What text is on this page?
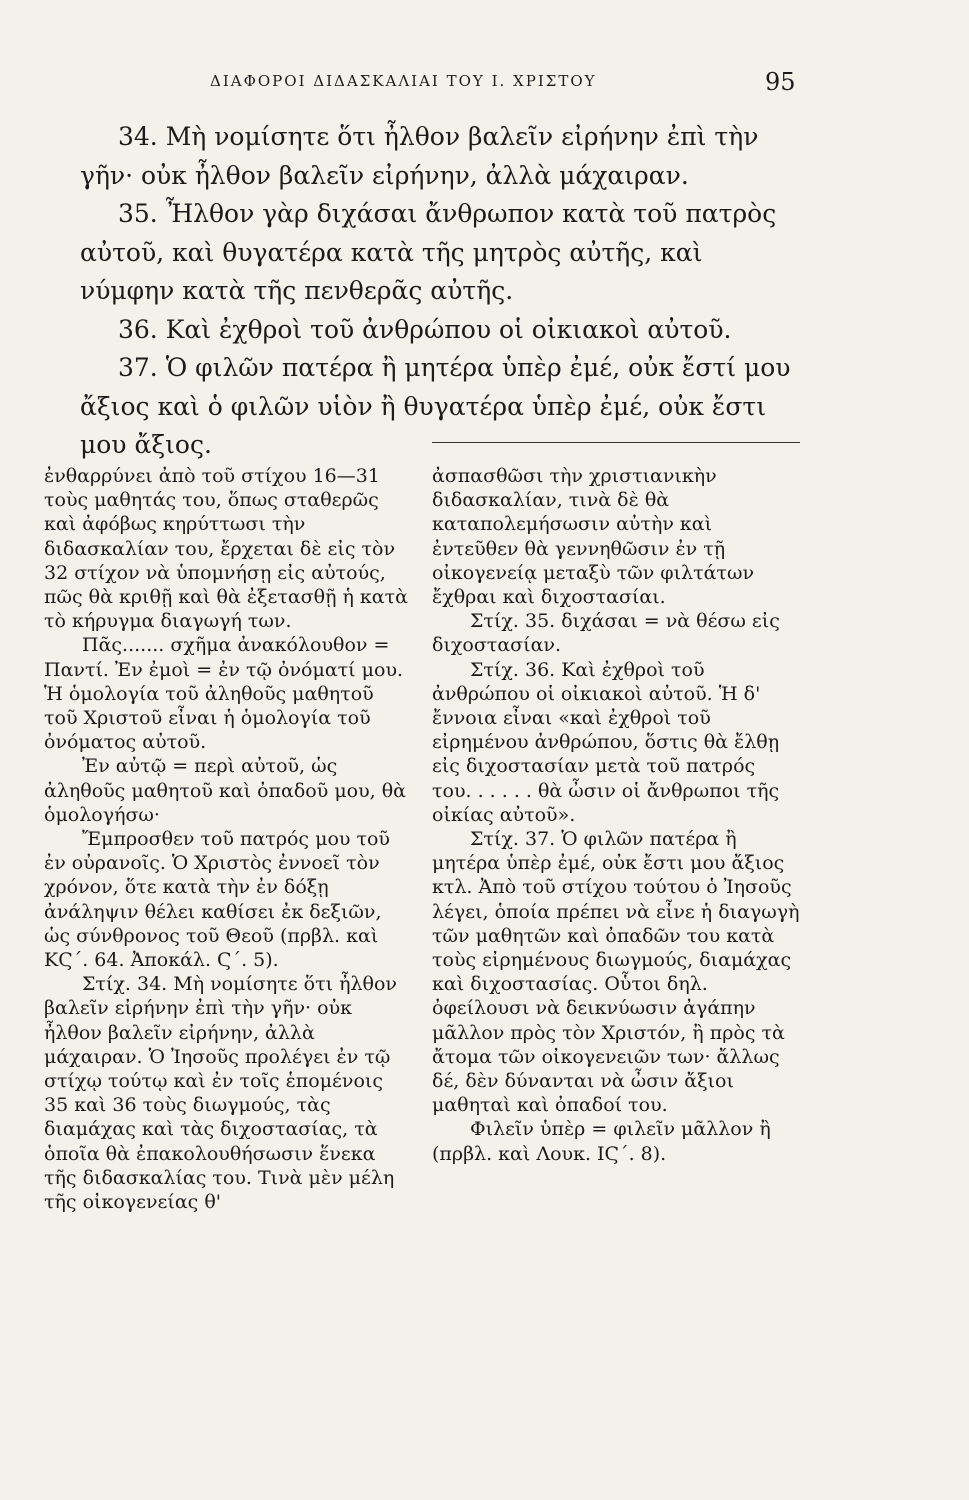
ΔΙΑΦΟΡΟΙ ΔΙΔΑΣΚΑΛΙΑΙ ΤΟΥ Ι. ΧΡΙΣΤΟΥ	95

34. Μὴ νομίσητε ὅτι ἦλθον βαλεῖν εἰρήνην ἐπὶ τὴν γῆν· οὐκ ἦλθον βαλεῖν εἰρήνην, ἀλλὰ μάχαιραν.

35. Ἦλθον γὰρ διχάσαι ἄνθρωπον κατὰ τοῦ πατρὸς αὐτοῦ, καὶ θυγατέρα κατὰ τῆς μητρὸς αὐτῆς, καὶ νύμφην κατὰ τῆς πενθερᾶς αὐτῆς.

36. Καὶ ἐχθροὶ τοῦ ἀνθρώπου οἱ οἰκιακοὶ αὐτοῦ.

37. Ὁ φιλῶν πατέρα ἢ μητέρα ὑπὲρ ἐμέ, οὐκ ἔστί μου ἄξιος καὶ ὁ φιλῶν υἱὸν ἢ θυγατέρα ὑπὲρ ἐμέ, οὐκ ἔστι μου ἄξιος.

ἐνθαρρύνει ἀπὸ τοῦ στίχου 16—31 τοὺς μαθητάς του, ὅπως σταθερῶς καὶ ἀφόβως κηρύττωσι τὴν διδασκαλίαν του, ἔρχεται δὲ εἰς τὸν 32 στίχον νὰ ὑπομνήσῃ εἰς αὐτούς, πῶς θὰ κριθῇ καὶ θὰ ἐξετασθῇ ἡ κατὰ τὸ κήρυγμα διαγωγή των.

Πᾶς....... σχῆμα ἀνακόλουθον = Παντί. Ἐν ἐμοὶ = ἐν τῷ ὀνόματί μου. Ἡ ὁμολογία τοῦ ἀληθοῦς μαθητοῦ τοῦ Χριστοῦ εἶναι ἡ ὁμολογία τοῦ ὀνόματος αὐτοῦ.

Ἐν αὐτῷ = περὶ αὐτοῦ, ὡς ἀληθοῦς μαθητοῦ καὶ ὀπαδοῦ μου, θὰ ὁμολογήσω·

Ἔμπροσθεν τοῦ πατρός μου τοῦ ἐν οὐρανοῖς. Ὁ Χριστὸς ἐννοεῖ τὸν χρόνον, ὅτε κατὰ τὴν ἐν δόξῃ ἀνάληψιν θέλει καθίσει ἐκ δεξιῶν, ὡς σύνθρονος τοῦ Θεοῦ (πρβλ. καὶ ΚϚ΄. 64. Ἀποκάλ. Ϛ΄. 5).

Στίχ. 34. Μὴ νομίσητε ὅτι ἦλθον βαλεῖν εἰρήνην ἐπὶ τὴν γῆν· οὐκ ἦλθον βαλεῖν εἰρήνην, ἀλλὰ μάχαιραν. Ὁ Ἰησοῦς προλέγει ἐν τῷ στίχῳ τούτῳ καὶ ἐν τοῖς ἑπομένοις 35 καὶ 36 τοὺς διωγμούς, τὰς διαμάχας καὶ τὰς διχοστασίας, τὰ ὁποῖα θὰ ἐπακολουθήσωσιν ἕνεκα τῆς διδασκαλίας του. Τινὰ μὲν μέλη τῆς οἰκογενείας θ'

ἀσπασθῶσι τὴν χριστιανικὴν διδασκαλίαν, τινὰ δὲ θὰ καταπολεμήσωσιν αὐτὴν καὶ ἐντεῦθεν θὰ γεννηθῶσιν ἐν τῇ οἰκογενείᾳ μεταξὺ τῶν φιλτάτων ἔχθραι καὶ διχοστασίαι.

Στίχ. 35. διχάσαι = νὰ θέσω εἰς διχοστασίαν.

Στίχ. 36. Καὶ ἐχθροὶ τοῦ ἀνθρώπου οἱ οἰκιακοὶ αὐτοῦ. Ἡ δ' ἔννοια εἶναι «καὶ ἐχθροὶ τοῦ εἰρημένου ἀνθρώπου, ὅστις θὰ ἔλθῃ εἰς διχοστασίαν μετὰ τοῦ πατρός του. . . . . . θὰ ὦσιν οἱ ἄνθρωποι τῆς οἰκίας αὐτοῦ».

Στίχ. 37. Ὁ φιλῶν πατέρα ἢ μητέρα ὑπὲρ ἐμέ, οὐκ ἔστι μου ἄξιος κτλ. Ἀπὸ τοῦ στίχου τούτου ὁ Ἰησοῦς λέγει, ὁποία πρέπει νὰ εἶνε ἡ διαγωγὴ τῶν μαθητῶν καὶ ὀπαδῶν του κατὰ τοὺς εἰρημένους διωγμούς, διαμάχας καὶ διχοστασίας. Οὗτοι δηλ. ὀφείλουσι νὰ δεικνύωσιν ἀγάπην μᾶλλον πρὸς τὸν Χριστόν, ἢ πρὸς τὰ ἄτομα τῶν οἰκογενειῶν των· ἄλλως δέ, δὲν δύνανται νὰ ὦσιν ἄξιοι μαθηταὶ καὶ ὀπαδοί του.

Φιλεῖν ὑπὲρ = φιλεῖν μᾶλλον ἢ (πρβλ. καὶ Λουκ. ΙϚ΄. 8).
